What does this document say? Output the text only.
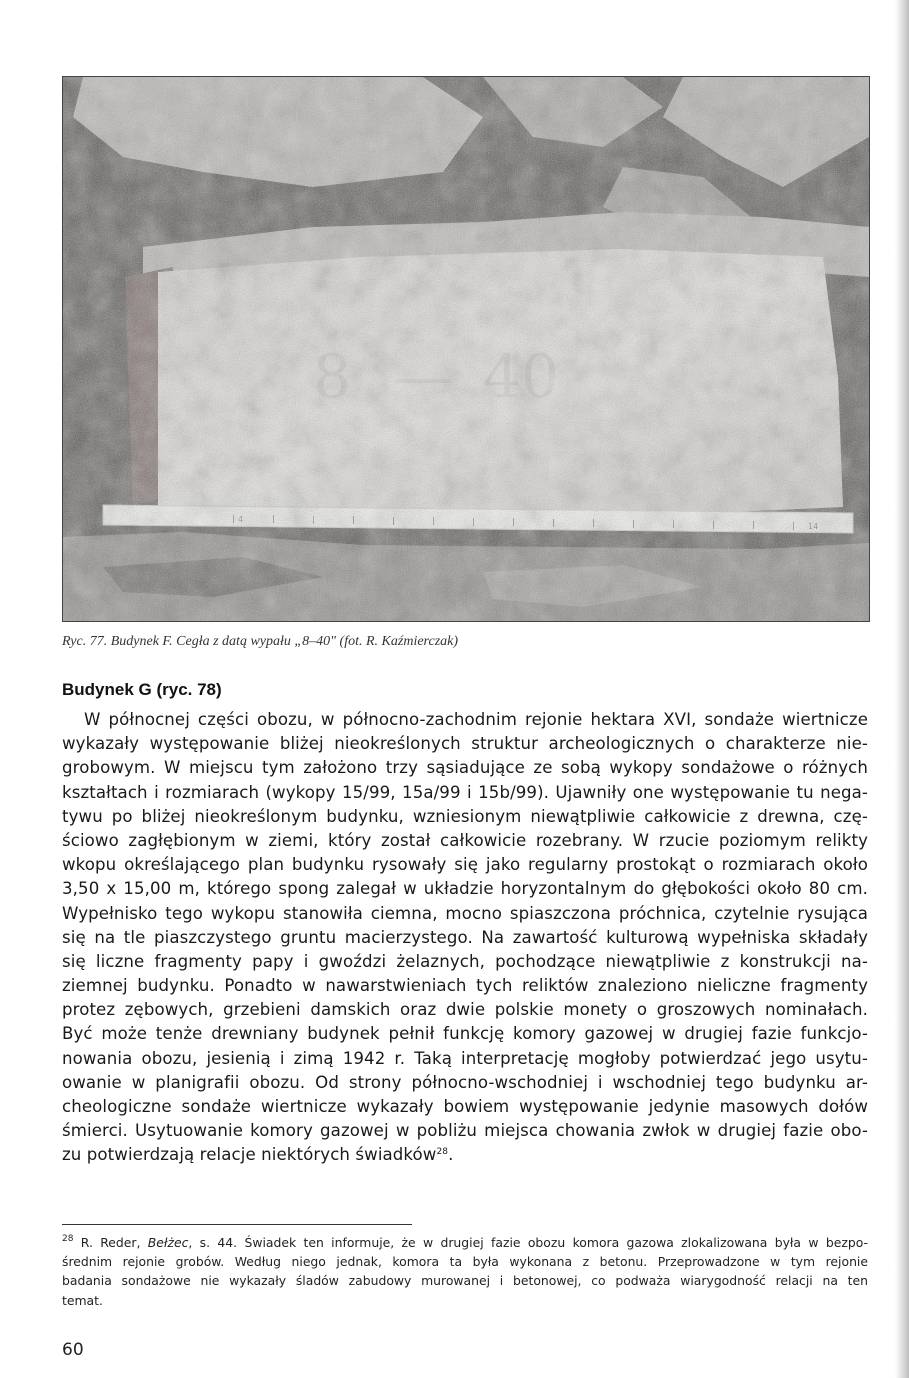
Ryc. 77. Budynek F. Cegła z datą wypału „8–40" (fot. R. Kaźmierczak)
Budynek G (ryc. 78)
W północnej części obozu, w północno-zachodnim rejonie hektara XVI, sondaże wiertnicze
wykazały występowanie bliżej nieokreślonych struktur archeologicznych o charakterze nie-
grobowym. W miejscu tym założono trzy sąsiadujące ze sobą wykopy sondażowe o różnych
kształtach i rozmiarach (wykopy 15/99, 15a/99 i 15b/99). Ujawniły one występowanie tu nega-
tywu po bliżej nieokreślonym budynku, wzniesionym niewątpliwie całkowicie z drewna, czę-
ściowo zagłębionym w ziemi, który został całkowicie rozebrany. W rzucie poziomym relikty
wkopu określającego plan budynku rysowały się jako regularny prostokąt o rozmiarach około
3,50 x 15,00 m, którego spong zalegał w układzie horyzontalnym do głębokości około 80 cm.
Wypełnisko tego wykopu stanowiła ciemna, mocno spiaszczona próchnica, czytelnie rysująca
się na tle piaszczystego gruntu macierzystego. Na zawartość kulturową wypełniska składały
się liczne fragmenty papy i gwoździ żelaznych, pochodzące niewątpliwie z konstrukcji na-
ziemnej budynku. Ponadto w nawarstwieniach tych reliktów znaleziono nieliczne fragmenty
protez zębowych, grzebieni damskich oraz dwie polskie monety o groszowych nominałach.
Być może tenże drewniany budynek pełnił funkcję komory gazowej w drugiej fazie funkcjo-
nowania obozu, jesienią i zimą 1942 r. Taką interpretację mogłoby potwierdzać jego usytu-
owanie w planigrafii obozu. Od strony północno-wschodniej i wschodniej tego budynku ar-
cheologiczne sondaże wiertnicze wykazały bowiem występowanie jedynie masowych dołów
śmierci. Usytuowanie komory gazowej w pobliżu miejsca chowania zwłok w drugiej fazie obo-
zu potwierdzają relacje niektórych świadków$^{28}$.
$^{28}$ R. Reder, Bełżec, s. 44. Świadek ten informuje, że w drugiej fazie obozu komora gazowa zlokalizowana była w bezpo-
średnim rejonie grobów. Według niego jednak, komora ta była wykonana z betonu. Przeprowadzone w tym rejonie
badania sondażowe nie wykazały śladów zabudowy murowanej i betonowej, co podważa wiarygodność relacji na ten
temat.
60
